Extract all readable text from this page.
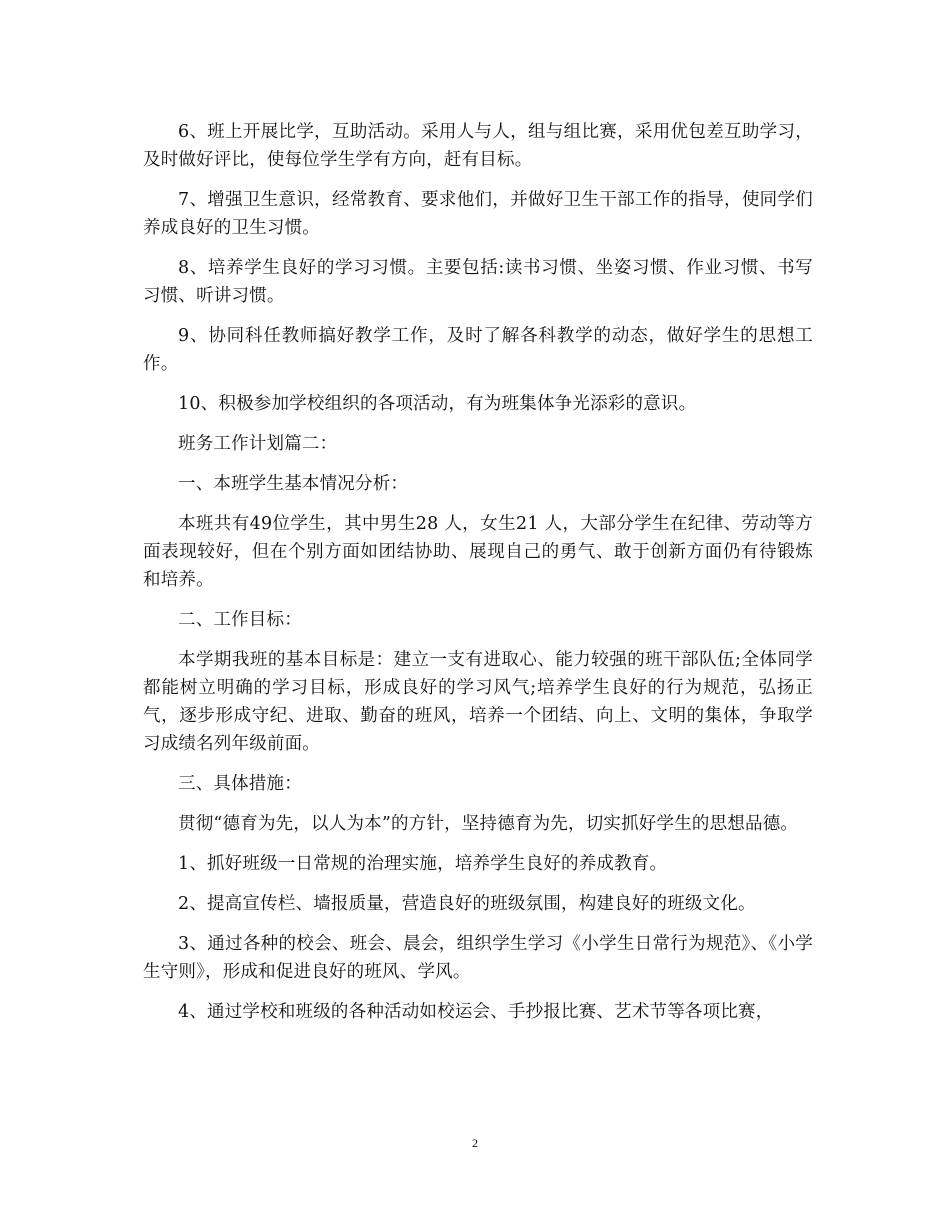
6、班上开展比学，互助活动。采用人与人，组与组比赛，采用优包差互助学习，及时做好评比，使每位学生学有方向，赶有目标。

7、增强卫生意识，经常教育、要求他们，并做好卫生干部工作的指导，使同学们养成良好的卫生习惯。

8、培养学生良好的学习习惯。主要包括:读书习惯、坐姿习惯、作业习惯、书写习惯、听讲习惯。

9、协同科任教师搞好教学工作，及时了解各科教学的动态，做好学生的思想工作。

10、积极参加学校组织的各项活动，有为班集体争光添彩的意识。

班务工作计划篇二：

一、本班学生基本情况分析：

本班共有49位学生，其中男生28 人，女生21 人，大部分学生在纪律、劳动等方面表现较好，但在个别方面如团结协助、展现自己的勇气、敢于创新方面仍有待锻炼和培养。

二、工作目标：

本学期我班的基本目标是：建立一支有进取心、能力较强的班干部队伍;全体同学都能树立明确的学习目标，形成良好的学习风气;培养学生良好的行为规范，弘扬正气，逐步形成守纪、进取、勤奋的班风，培养一个团结、向上、文明的集体，争取学习成绩名列年级前面。

三、具体措施：

贯彻“德育为先，以人为本”的方针，坚持德育为先，切实抓好学生的思想品德。

1、抓好班级一日常规的治理实施，培养学生良好的养成教育。

2、提高宣传栏、墙报质量，营造良好的班级氛围，构建良好的班级文化。

3、通过各种的校会、班会、晨会，组织学生学习《小学生日常行为规范》、《小学生守则》，形成和促进良好的班风、学风。

4、通过学校和班级的各种活动如校运会、手抄报比赛、艺术节等各项比赛，

2
